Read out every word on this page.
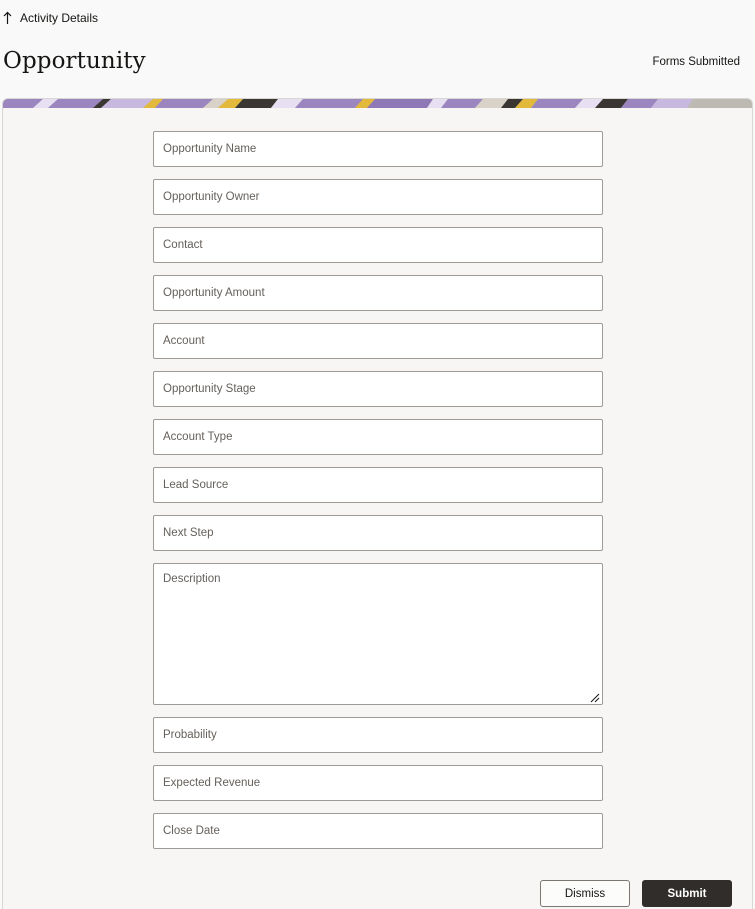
Activity Details
Opportunity	Forms Submitted
Opportunity Name
Opportunity Owner
Contact
Opportunity Amount
Account
Opportunity Stage
Account Type
Lead Source
Next Step
Description
Probability
Expected Revenue
Close Date
Dismiss	Submit
